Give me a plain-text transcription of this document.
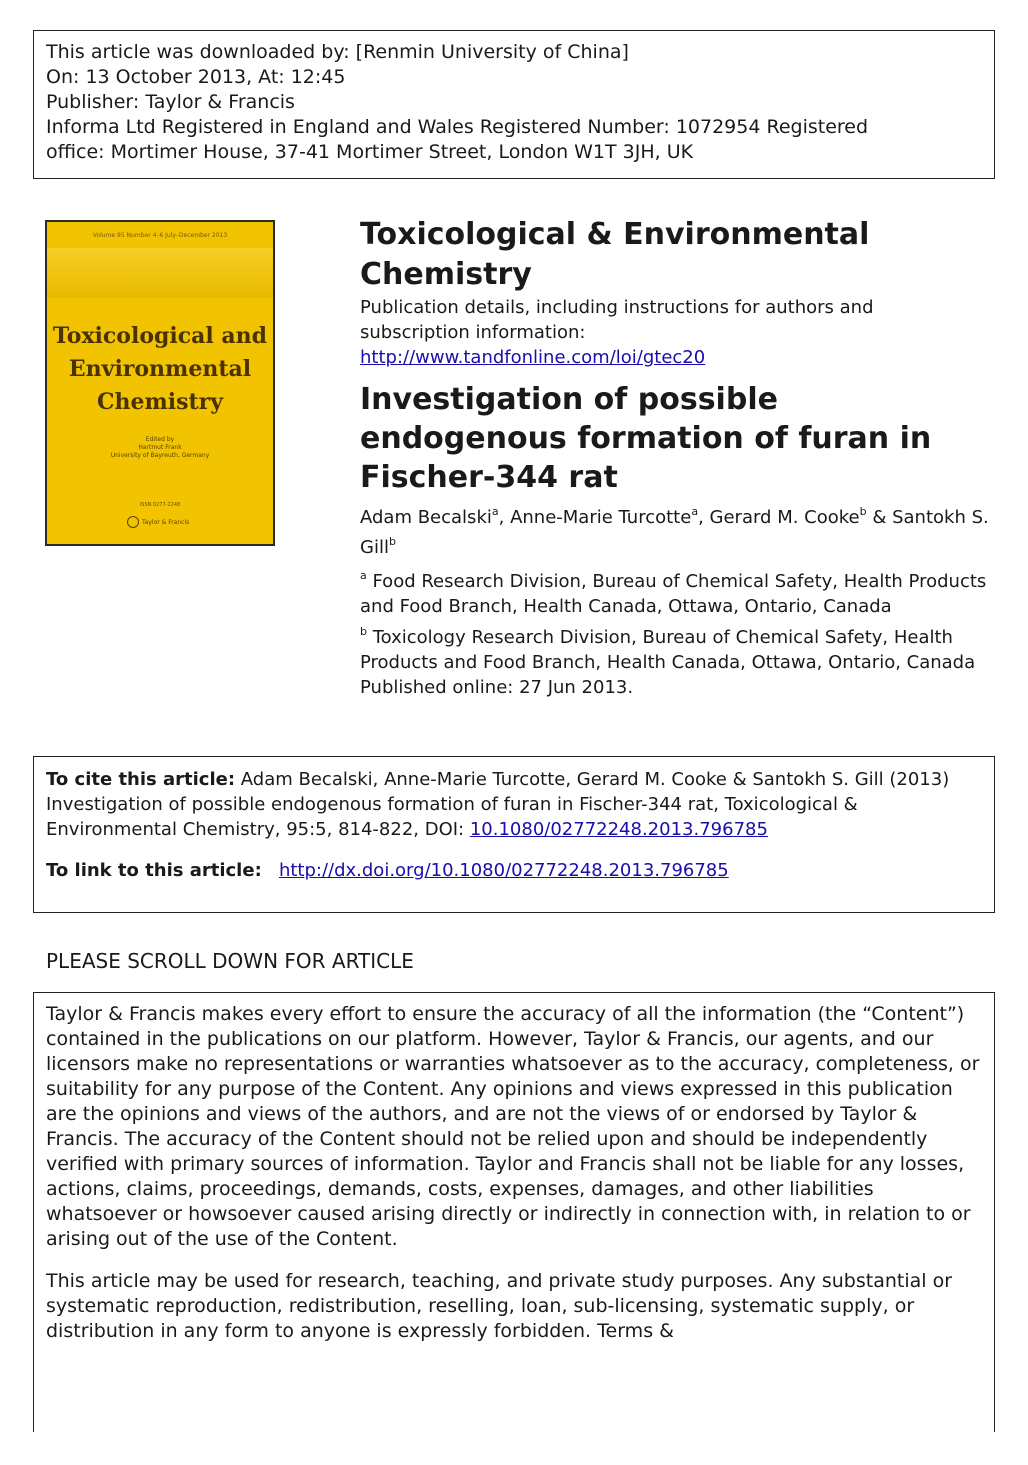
This article was downloaded by: [Renmin University of China]
On: 13 October 2013, At: 12:45
Publisher: Taylor & Francis
Informa Ltd Registered in England and Wales Registered Number: 1072954 Registered
office: Mortimer House, 37-41 Mortimer Street, London W1T 3JH, UK
Volume 95 Number 4–6 July–December 2013
Toxicological and
Environmental
Chemistry
Edited by
Hartmut Frank
University of Bayreuth, Germany
ISSN 0277-2248
Taylor & Francis
Toxicological & Environmental Chemistry
Publication details, including instructions for authors and
subscription information:
http://www.tandfonline.com/loi/gtec20
Investigation of possible endogenous formation of furan in Fischer-344 rat
Adam Becalski$^a$, Anne-Marie Turcotte$^a$, Gerard M. Cooke$^b$ & Santokh S. Gill$^b$
$^a$ Food Research Division, Bureau of Chemical Safety, Health Products and Food Branch, Health Canada, Ottawa, Ontario, Canada
$^b$ Toxicology Research Division, Bureau of Chemical Safety, Health Products and Food Branch, Health Canada, Ottawa, Ontario, Canada
Published online: 27 Jun 2013.
To cite this article: Adam Becalski, Anne-Marie Turcotte, Gerard M. Cooke & Santokh S. Gill (2013) Investigation of possible endogenous formation of furan in Fischer-344 rat, Toxicological & Environmental Chemistry, 95:5, 814-822, DOI: 10.1080/02772248.2013.796785
To link to this article: http://dx.doi.org/10.1080/02772248.2013.796785
PLEASE SCROLL DOWN FOR ARTICLE

Taylor & Francis makes every effort to ensure the accuracy of all the information (the “Content”) contained in the publications on our platform. However, Taylor & Francis, our agents, and our licensors make no representations or warranties whatsoever as to the accuracy, completeness, or suitability for any purpose of the Content. Any opinions and views expressed in this publication are the opinions and views of the authors, and are not the views of or endorsed by Taylor & Francis. The accuracy of the Content should not be relied upon and should be independently verified with primary sources of information. Taylor and Francis shall not be liable for any losses, actions, claims, proceedings, demands, costs, expenses, damages, and other liabilities whatsoever or howsoever caused arising directly or indirectly in connection with, in relation to or arising out of the use of the Content.

This article may be used for research, teaching, and private study purposes. Any substantial or systematic reproduction, redistribution, reselling, loan, sub-licensing, systematic supply, or distribution in any form to anyone is expressly forbidden. Terms &
